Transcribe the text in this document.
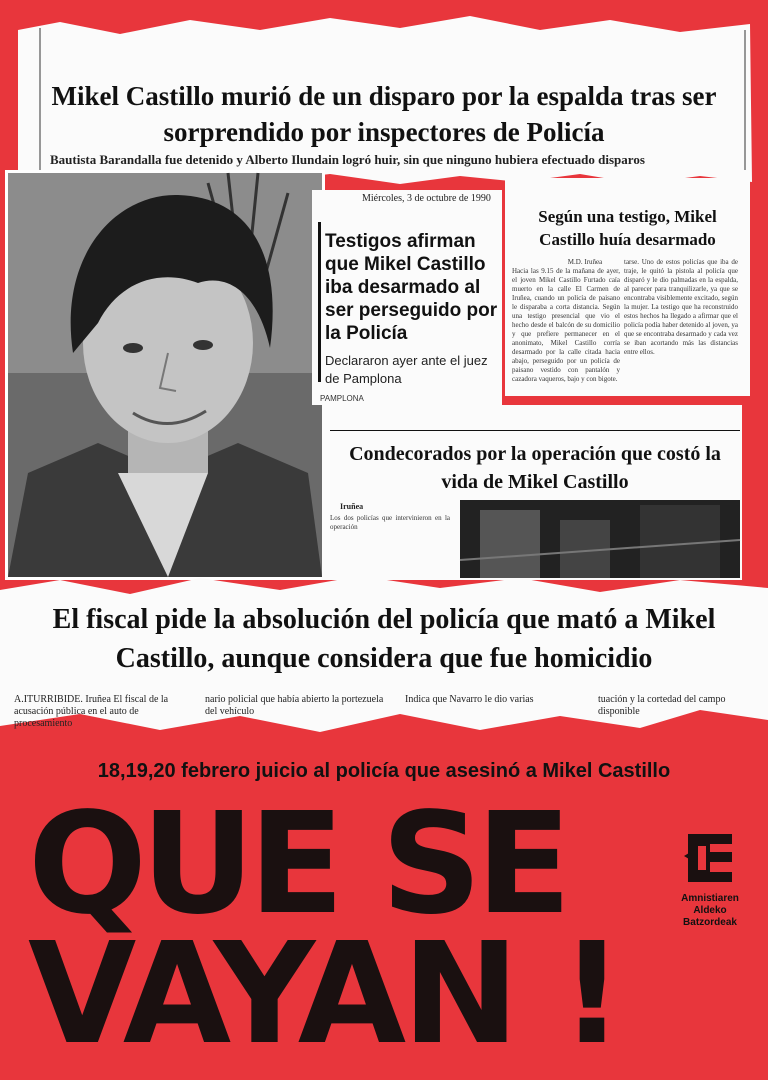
Mikel Castillo murió de un disparo por la espalda tras ser sorprendido por inspectores de Policía
Bautista Barandalla fue detenido y Alberto Ilundain logró huir, sin que ninguno hubiera efectuado disparos
Miércoles, 3 de octubre de 1990
Testigos afirman que Mikel Castillo iba desarmado al ser perseguido por la Policía
Declararon ayer ante el juez de Pamplona
PAMPLONA
Según una testigo, Mikel Castillo huía desarmado
M.D. Iruñea
Hacia las 9.15 de la mañana de ayer, el joven Mikel Castillo Furtado caía muerto en la calle El Carmen de Iruñea, cuando un policía de paisano le disparaba a corta distancia. Según una testigo presencial que vio el hecho desde el balcón de su domicilio y que prefiere permanecer en el anonimato, Mikel Castillo corría desarmado por la calle citada hacia abajo, perseguido por un policía de paisano vestido con pantalón y cazadora vaqueros, bajo y con bigote.
tarse. Uno de estos policías que iba de traje, le quitó la pistola al policía que disparó y le dio palmadas en la espalda, al parecer para tranquilizarle, ya que se encontraba visiblemente excitado, según la mujer. La testigo que ha reconstruido estos hechos ha llegado a afirmar que el policía podía haber detenido al joven, ya que se encontraba desarmado y cada vez se iban acortando más las distancias entre ellos.
Condecorados por la operación que costó la vida de Mikel Castillo
Iruñea
Los dos policías que intervinieron en la operación
El fiscal pide la absolución del policía que mató a Mikel Castillo, aunque considera que fue homicidio
A.ITURRIBIDE. Iruñea El fiscal de la acusación pública en el auto de procesamiento
nario policial que había abierto la portezuela del vehículo
Indica que Navarro le dio varias	tuación y la cortedad del campo disponible
18,19,20 febrero juicio al policía que asesinó a Mikel Castillo
QUE SE
VAYAN !
Amnistiaren
Aldeko
Batzordeak
